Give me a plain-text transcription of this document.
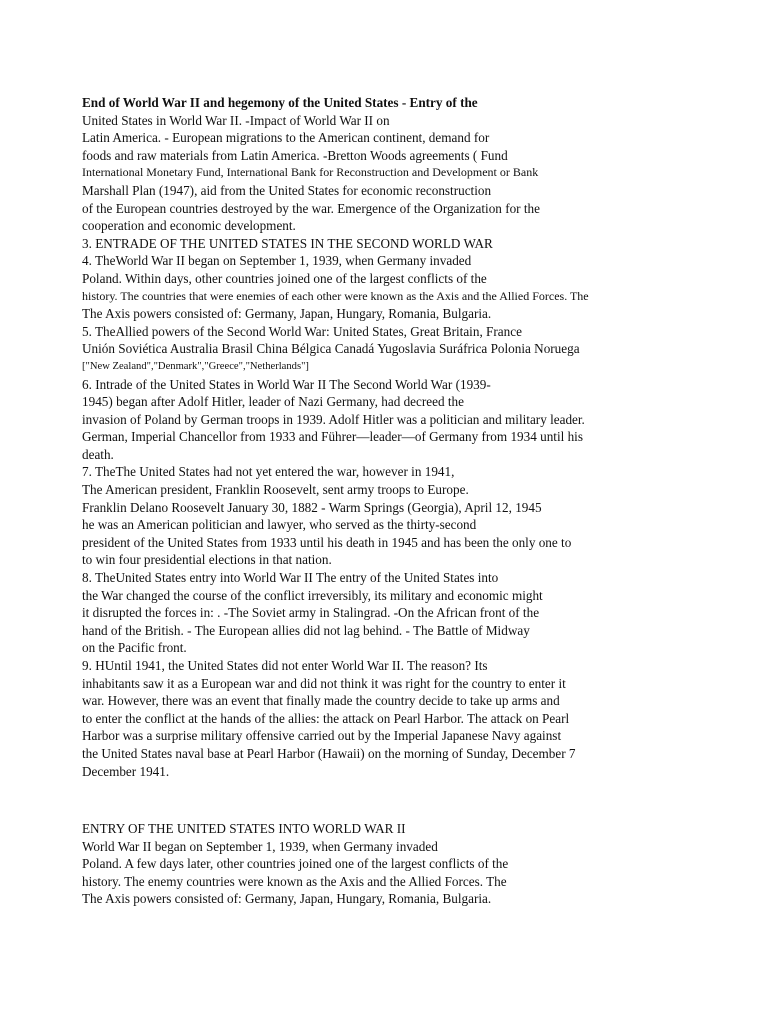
End of World War II and hegemony of the United States - Entry of the
United States in World War II. -Impact of World War II on
Latin America. - European migrations to the American continent, demand for
foods and raw materials from Latin America. -Bretton Woods agreements ( Fund
International Monetary Fund, International Bank for Reconstruction and Development or Bank
Marshall Plan (1947), aid from the United States for economic reconstruction
of the European countries destroyed by the war. Emergence of the Organization for the
cooperation and economic development.
3. ENTRADE OF THE UNITED STATES IN THE SECOND WORLD WAR
4. TheWorld War II began on September 1, 1939, when Germany invaded
Poland. Within days, other countries joined one of the largest conflicts of the
history. The countries that were enemies of each other were known as the Axis and the Allied Forces. The
The Axis powers consisted of: Germany, Japan, Hungary, Romania, Bulgaria.
5. TheAllied powers of the Second World War: United States, Great Britain, France
Unión Soviética Australia Brasil China Bélgica Canadá Yugoslavia Suráfrica Polonia Noruega
["New Zealand","Denmark","Greece","Netherlands"]
6. Intrade of the United States in World War II The Second World War (1939-
1945) began after Adolf Hitler, leader of Nazi Germany, had decreed the
invasion of Poland by German troops in 1939. Adolf Hitler was a politician and military leader.
German, Imperial Chancellor from 1933 and Führer—leader—of Germany from 1934 until his
death.
7. TheThe United States had not yet entered the war, however in 1941,
The American president, Franklin Roosevelt, sent army troops to Europe.
Franklin Delano Roosevelt January 30, 1882 - Warm Springs (Georgia), April 12, 1945
he was an American politician and lawyer, who served as the thirty-second
president of the United States from 1933 until his death in 1945 and has been the only one to
to win four presidential elections in that nation.
8. TheUnited States entry into World War II The entry of the United States into
the War changed the course of the conflict irreversibly, its military and economic might
it disrupted the forces in: . -The Soviet army in Stalingrad. -On the African front of the
hand of the British. - The European allies did not lag behind. - The Battle of Midway
on the Pacific front.
9. HUntil 1941, the United States did not enter World War II. The reason? Its
inhabitants saw it as a European war and did not think it was right for the country to enter it
war. However, there was an event that finally made the country decide to take up arms and
to enter the conflict at the hands of the allies: the attack on Pearl Harbor. The attack on Pearl
Harbor was a surprise military offensive carried out by the Imperial Japanese Navy against
the United States naval base at Pearl Harbor (Hawaii) on the morning of Sunday, December 7
December 1941.
ENTRY OF THE UNITED STATES INTO WORLD WAR II
World War II began on September 1, 1939, when Germany invaded
Poland. A few days later, other countries joined one of the largest conflicts of the
history. The enemy countries were known as the Axis and the Allied Forces. The
The Axis powers consisted of: Germany, Japan, Hungary, Romania, Bulgaria.
